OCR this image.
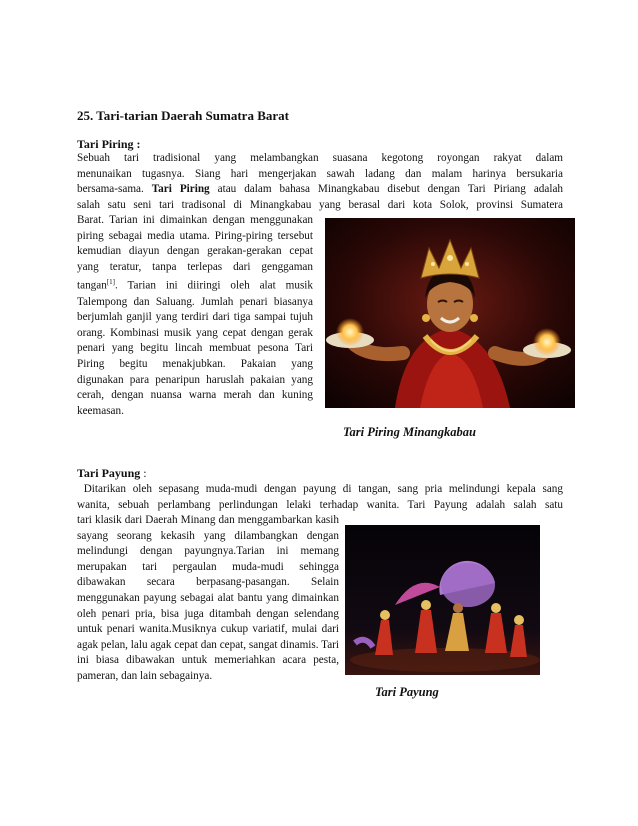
25. Tari-tarian Daerah Sumatra Barat
Tari Piring :
Sebuah tari tradisional yang melambangkan suasana kegotong royongan rakyat dalam
menunaikan tugasnya. Siang hari mengerjakan sawah ladang dan malam harinya bersukaria
bersama-sama. Tari Piring atau dalam bahasa Minangkabau disebut dengan Tari Piriang adalah
salah satu seni tari tradisonal di Minangkabau yang berasal dari kota Solok, provinsi Sumatera
Barat. Tarian ini dimainkan dengan menggunakan piring sebagai media utama. Piring-piring tersebut kemudian diayun dengan gerakan-gerakan cepat yang teratur, tanpa terlepas dari genggaman tangan[1]. Tarian ini diiringi oleh alat musik Talempong dan Saluang. Jumlah penari biasanya berjumlah ganjil yang terdiri dari tiga sampai tujuh orang. Kombinasi musik yang cepat dengan gerak penari yang begitu lincah membuat pesona Tari Piring begitu menakjubkan. Pakaian yang digunakan para penaripun haruslah pakaian yang cerah, dengan nuansa warna merah dan kuning keemasan.
Tari Piring Minangkabau
Tari Payung :
Ditarikan oleh sepasang muda-mudi dengan payung di tangan, sang pria melindungi kepala sang
wanita, sebuah perlambang perlindungan lelaki terhadap wanita. Tari Payung adalah salah satu
tari klasik dari Daerah Minang dan menggambarkan kasih sayang seorang kekasih yang dilambangkan dengan melindungi dengan payungnya.Tarian ini memang merupakan tari pergaulan muda-mudi sehingga dibawakan secara berpasang-pasangan. Selain menggunakan payung sebagai alat bantu yang dimainkan oleh penari pria, bisa juga ditambah dengan selendang untuk penari wanita.Musiknya cukup variatif, mulai dari agak pelan, lalu agak cepat dan cepat, sangat dinamis. Tari ini biasa dibawakan untuk memeriahkan acara pesta, pameran, dan lain sebagainya.
Tari Payung
